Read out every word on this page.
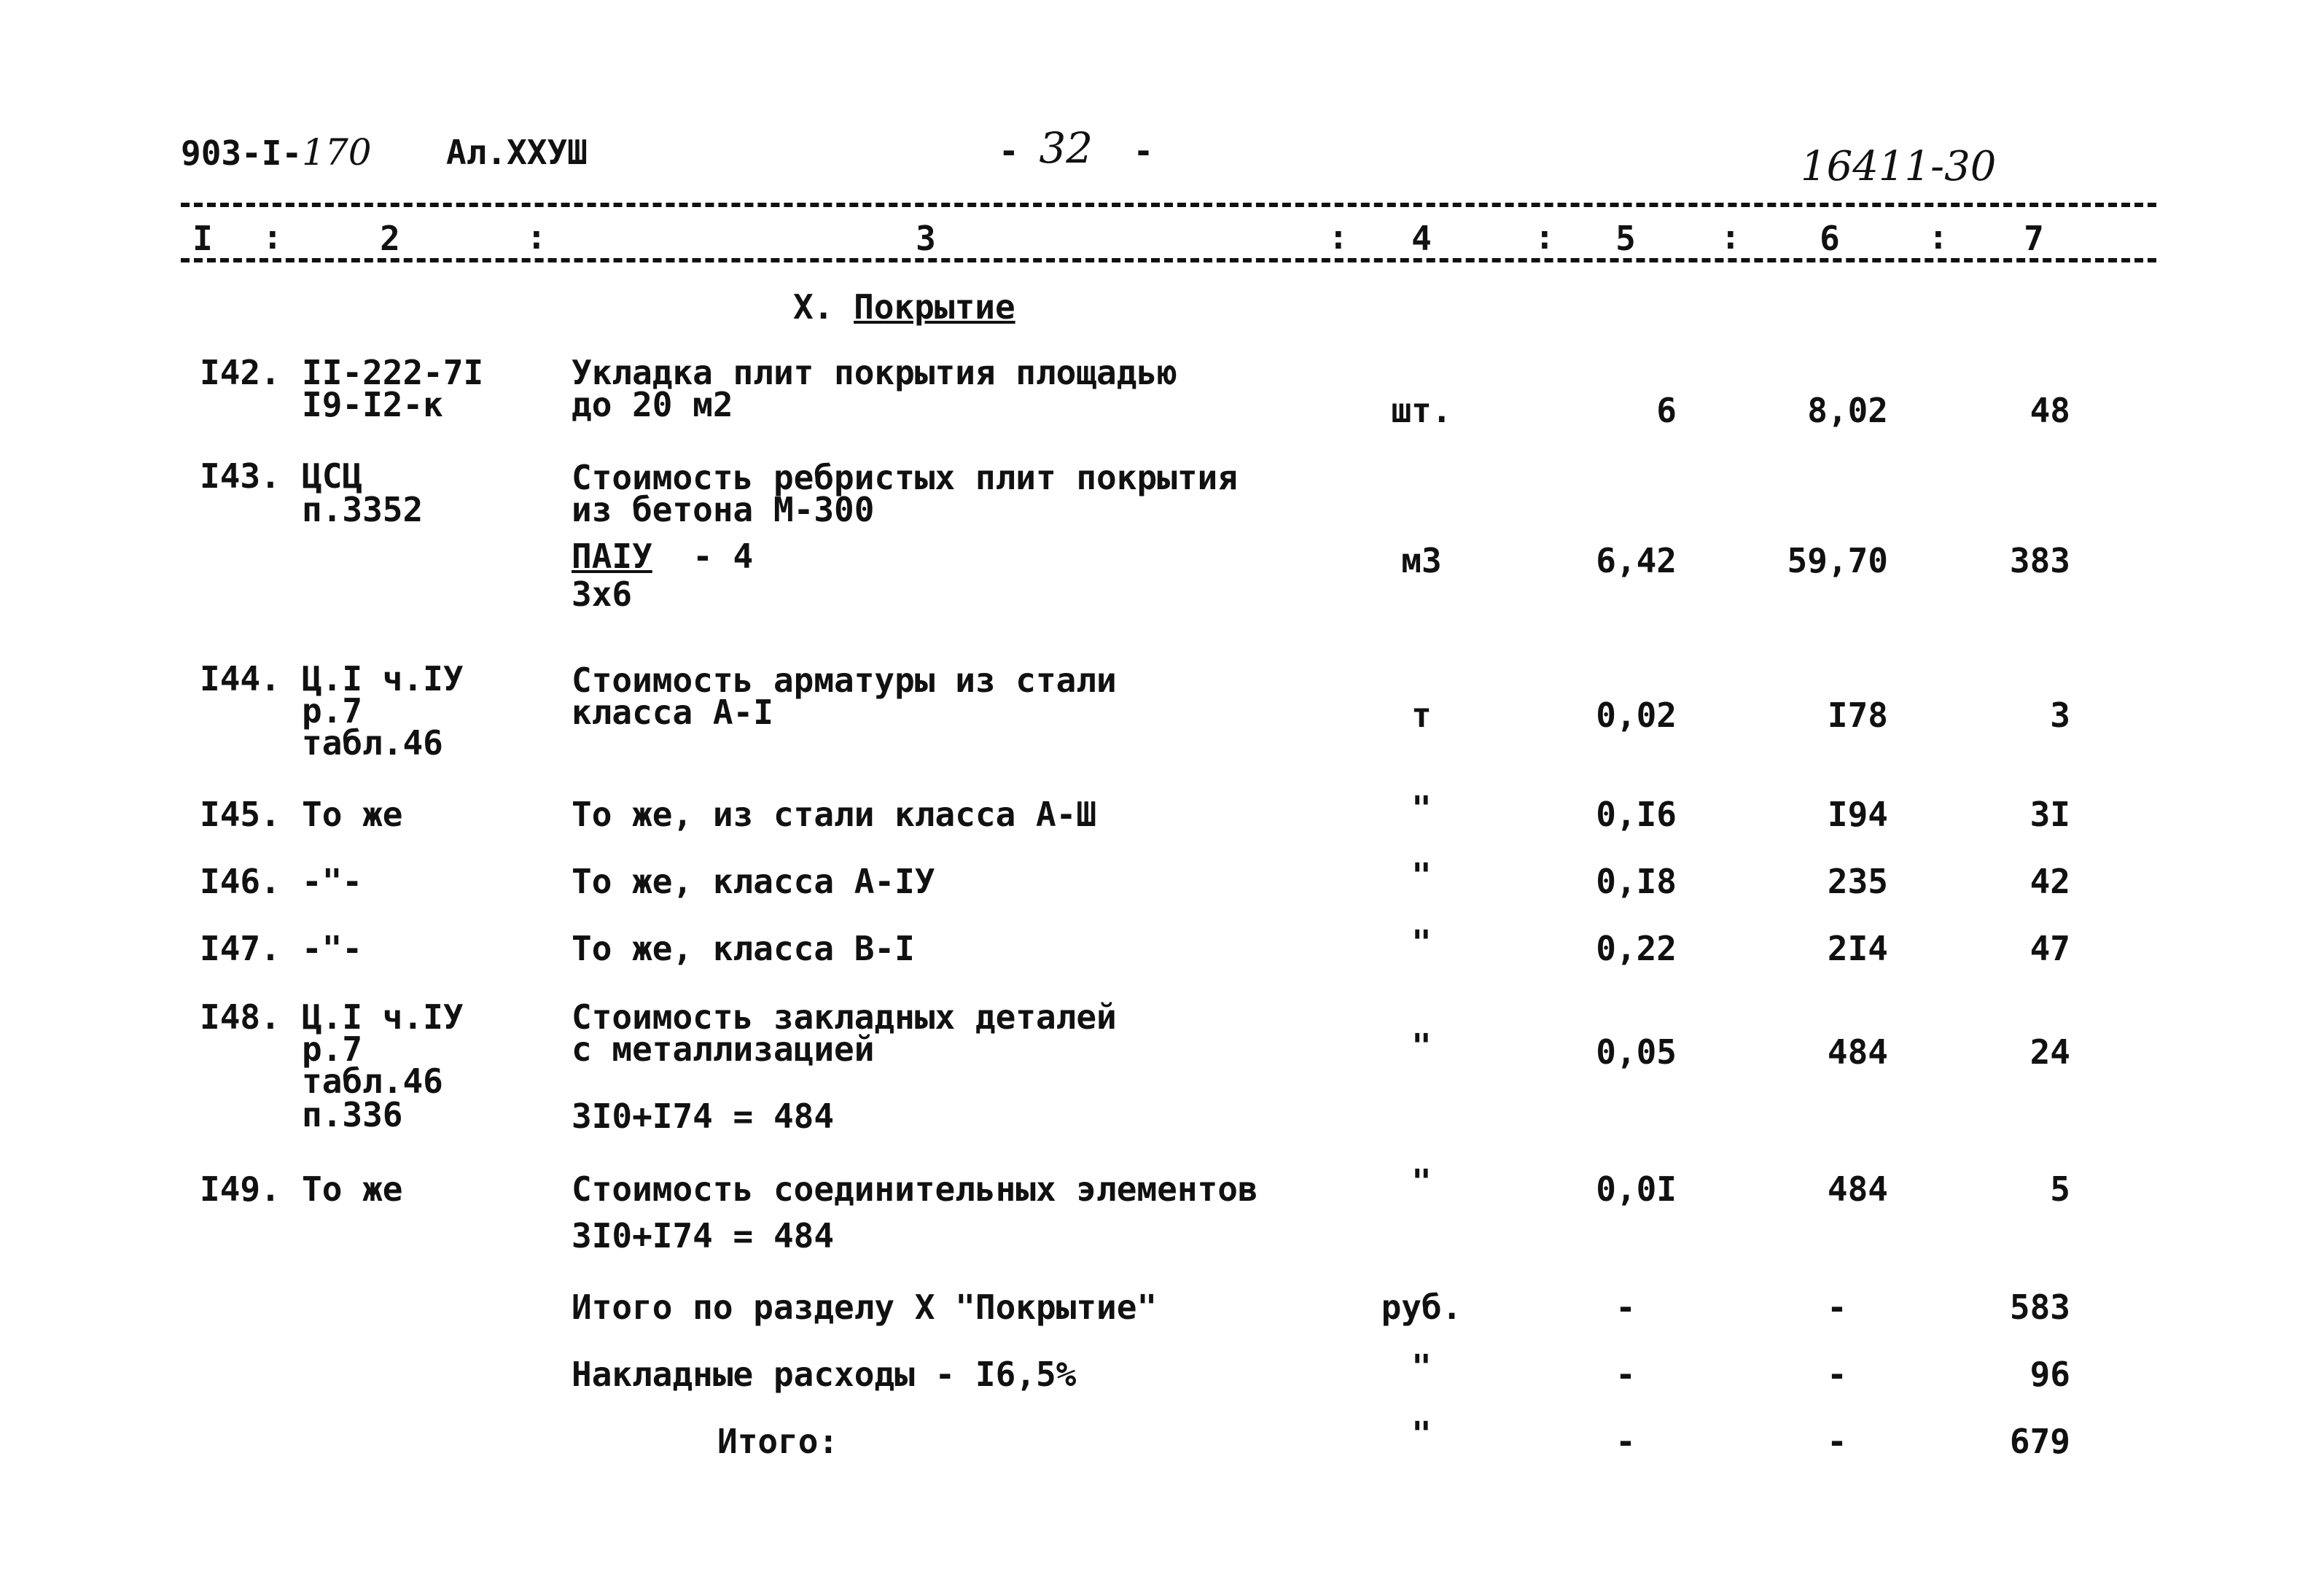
903-I-170 Ал.XXУШ	- 32  -	16411-30
I	:	2	:	3	:	4	:	5	:	6	:	7
X. Покрытие
I42. II-222-7I
I9-I2-к
Укладка плит покрытия площадью
до 20 м2	шт.	6	8,02	48
I43. ЦСЦ
п.3352
Стоимость ребристых плит покрытия
из бетона М-300
ПАIУ - 4
3х6
м3	6,42	59,70	383
I44. Ц.I ч.IУ
р.7
табл.46
Стоимость арматуры из стали
класса А-I	т	0,02	I78	3
I45. То же	То же, из стали класса А-Ш	"	0,I6	I94	3I
I46. -"-	То же, класса А-IУ	"	0,I8	235	42
I47. -"-	То же, класса В-I	"	0,22	2I4	47
I48. Ц.I ч.IУ
р.7
табл.46
п.336
Стоимость закладных деталей
с металлизацией
3I0+I74 = 484
"	0,05	484	24
I49. То же	Стоимость соединительных элементов
3I0+I74 = 484
"	0,0I	484	5
Итого по разделу X "Покрытие"	руб.	-	-	583
Накладные расходы - I6,5%	"	-	-	96
Итого:	"	-	-	679
